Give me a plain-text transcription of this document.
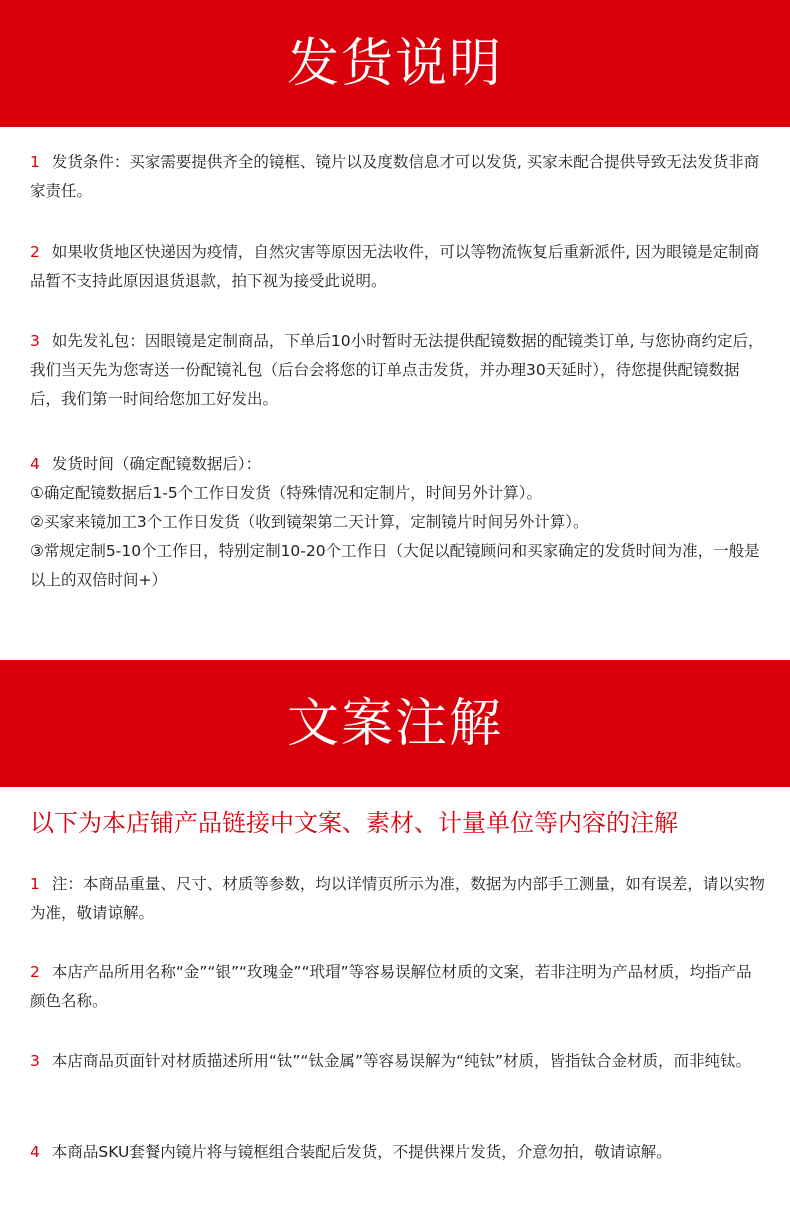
发货说明

1 发货条件：买家需要提供齐全的镜框、镜片以及度数信息才可以发货, 买家未配合提供导致无法发货非商家责任。

2 如果收货地区快递因为疫情，自然灾害等原因无法收件，可以等物流恢复后重新派件, 因为眼镜是定制商品暂不支持此原因退货退款，拍下视为接受此说明。

3 如先发礼包：因眼镜是定制商品，下单后10小时暂时无法提供配镜数据的配镜类订单, 与您协商约定后，我们当天先为您寄送一份配镜礼包（后台会将您的订单点击发货，并办理30天延时），待您提供配镜数据后，我们第一时间给您加工好发出。

4 发货时间（确定配镜数据后）：
①确定配镜数据后1-5个工作日发货（特殊情况和定制片，时间另外计算）。
②买家来镜加工3个工作日发货（收到镜架第二天计算，定制镜片时间另外计算）。
③常规定制5-10个工作日，特别定制10-20个工作日（大促以配镜顾问和买家确定的发货时间为准，一般是以上的双倍时间+）
文案注解

以下为本店铺产品链接中文案、素材、计量单位等内容的注解

1 注：本商品重量、尺寸、材质等参数，均以详情页所示为准，数据为内部手工测量，如有误差，请以实物为准，敬请谅解。

2 本店产品所用名称“金”“银”“玫瑰金”“玳瑁”等容易误解位材质的文案，若非注明为产品材质，均指产品颜色名称。

3 本店商品页面针对材质描述所用“钛”“钛金属”等容易误解为“纯钛”材质，皆指钛合金材质，而非纯钛。

4 本商品SKU套餐内镜片将与镜框组合装配后发货，不提供裸片发货，介意勿拍，敬请谅解。
